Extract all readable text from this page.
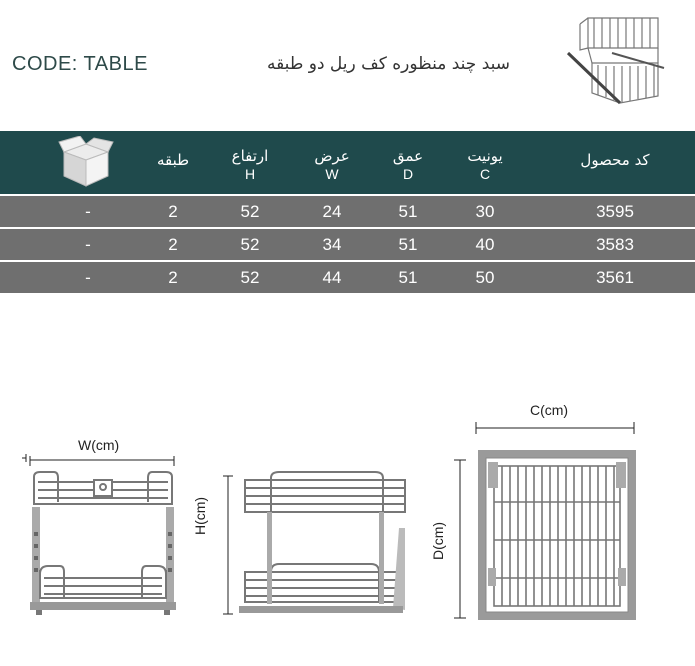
CODE: TABLE	سبد چند منظوره کف ریل دو طبقه
کد محصول
یونیت
C
عمق
D
عرض
W
ارتفاع
H
طبقه
3595
30
51
24
52
2
-
3583
40
51
34
52
2
-
3561
50
51
44
52
2
-
W(cm)
H(cm)
C(cm)
D(cm)
